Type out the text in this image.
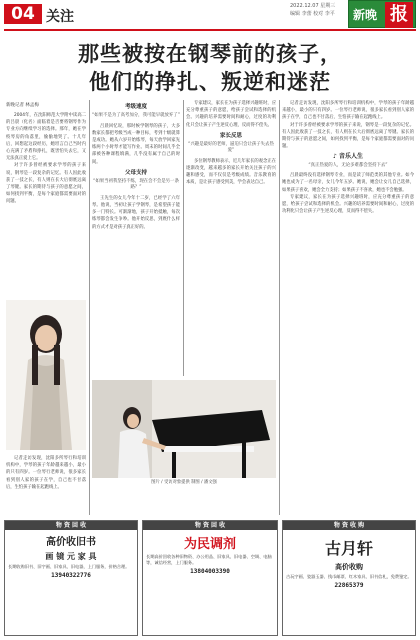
04 关注
2022.12.07 星期三
编辑 李蕾 校对 李平 新晚 报
那些被按在钢琴前的孩子，
他们的挣扎、叛逆和迷茫
新晚记者 林孟梅

2004年，在沈阳师范大学附中读高二的吕晨（化名）面临着是否要将钢琴作为专业方向继续学习的选择。那年，她在学校琴房的角落里，偷偷地哭了。十几年后，回想起这段经历，她坦言自己当时内心充满了矛盾和挣扎，既害怕失去它，又无法真正爱上它。

对于许多曾经被要求学琴的孩子来说，钢琴是一段复杂的记忆。有人因此收获了一技之长，有人则在长大后彻底远离了琴键。家长的期待与孩子的意愿之间，如何找到平衡，是每个家庭都需要面对的问题。

记者走访发现，沈阳多所琴行和培训机构中，学琴的孩子年龄越来越小，最小的只有四岁。一位琴行老师说，很多家长看到别人家的孩子在学，自己也不甘落后，生怕孩子输在起跑线上。

考级速度
“如果不是为了高考加分，我可能早就放弃了”

吕晨回忆说，那时候学钢琴的孩子，大多数家长都把考级当成一种目标，考到十级就算是成功。她从六岁开始练琴，每天放学回家先练两个小时琴才能写作业。周末的时间几乎全部被各种课程填满，几乎没有属于自己的时间。

父母支持
“如果当初我坚持不练，现在会不会是另一条路？”

王先生的女儿今年十二岁，已经学了六年琴。他说，当初让孩子学钢琴，是希望孩子能多一门特长。可渐渐地，孩子开始抵触，每次练琴都会发生争吵。他开始反思，到底什么样的方式才是对孩子真正好的。

专家建议，家长在为孩子选择兴趣班时，应充分尊重孩子的意愿，给孩子尝试和选择的机会。兴趣的培养需要时间和耐心，过度的功利化只会让孩子产生逆反心理，反而得不偿失。

家长反思
“兴趣是最好的老师，逼迫只会让孩子失去热爱”

多位钢琴教师表示，近几年家长的观念正在逐渐改变，越来越多的家长开始关注孩子的兴趣和感受，而不仅仅是考级成绩。音乐教育的本质，是让孩子感受到美，学会表达自己。

图片 / 受访对象提供 制图 / 潘文强

记者走访发现，沈阳多所琴行和培训机构中，学琴的孩子年龄越来越小，最小的只有四岁。一位琴行老师说，很多家长看到别人家的孩子在学，自己也不甘落后，生怕孩子输在起跑线上。

对于许多曾经被要求学琴的孩子来说，钢琴是一段复杂的记忆。有人因此收获了一技之长，有人则在长大后彻底远离了琴键。家长的期待与孩子的意愿之间，如何找到平衡，是每个家庭都需要面对的问题。

♪ 音乐人生
“真正热爱的人，无论多难都会坚持下去”

吕晨最终没有选择钢琴专业，而是读了师范类的其他专业。如今她也成为了一名母亲，女儿今年五岁。她说，她会让女儿自己选择，如果孩子喜欢，她会全力支持；如果孩子不喜欢，她也不会勉强。

专家建议，家长在为孩子选择兴趣班时，应充分尊重孩子的意愿，给孩子尝试和选择的机会。兴趣的培养需要时间和耐心，过度的功利化只会让孩子产生逆反心理，反而得不偿失。

物 资 回 收
高价收旧书
画 镜 元 家 具
长期收购旧书、旧字画、旧家具、旧电器，上门服务，价格合理。
13940322776
物 资 回 收
为民调剂
长期高价回收各种旧物资、办公用品、旧家具、旧电器、空调、电脑等，诚信经营，上门服务。
13804003390
物 资 收 购
古月轩
高价收购
古玩字画、瓷器玉器、钱币邮票、红木家具、旧书信札，免费鉴定。
22865379
